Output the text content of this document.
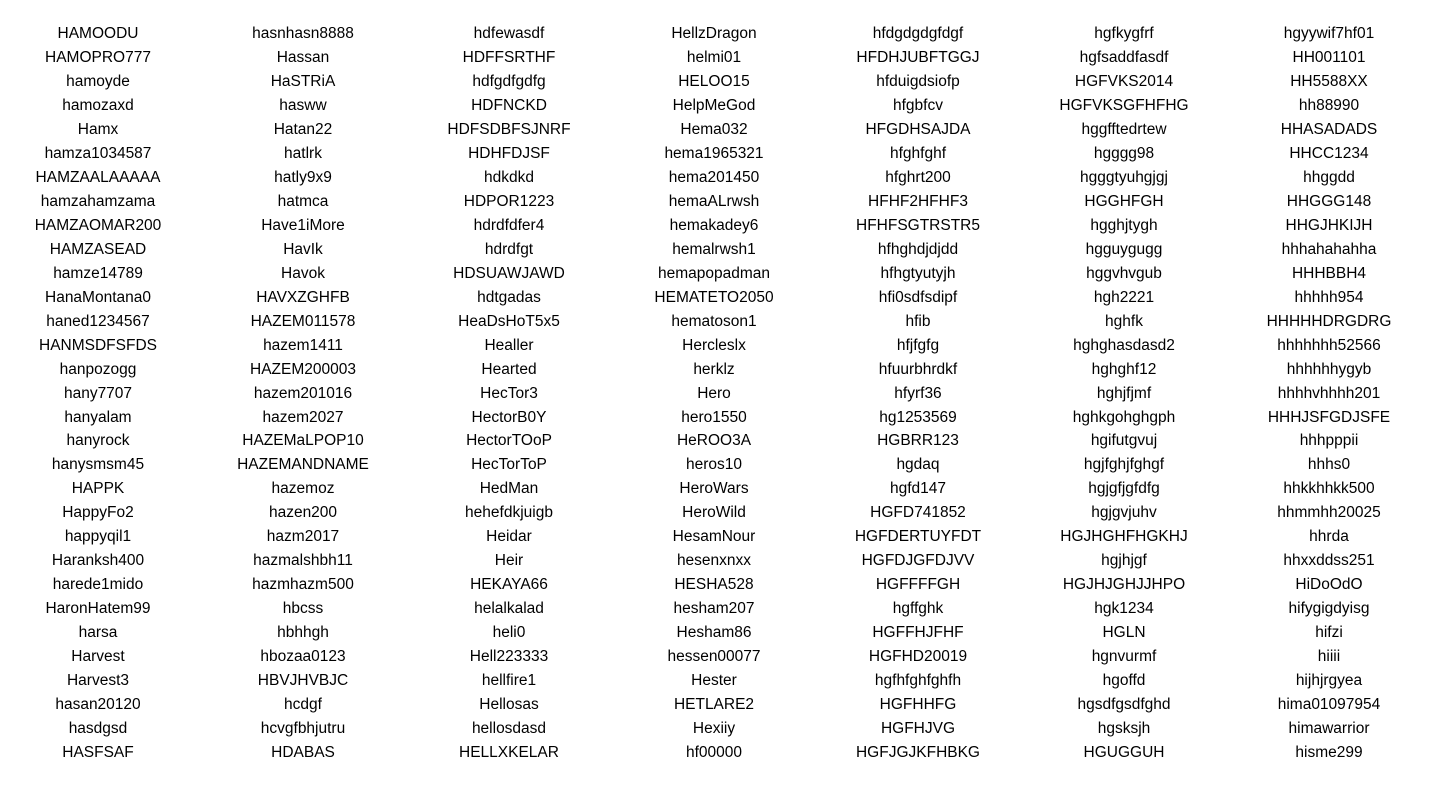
HAMOODU
HAMOPRO777
hamoyde
hamozaxd
Hamx
hamza1034587
HAMZAALAAAAA
hamzahamzama
HAMZAOMAR200
HAMZASEAD
hamze14789
HanaMontana0
haned1234567
HANMSDFSFDS
hanpozogg
hany7707
hanyalam
hanyrock
hanysmsm45
HAPPK
HappyFo2
happyqil1
Haranksh400
harede1mido
HaronHatem99
harsa
Harvest
Harvest3
hasan20120
hasdgsd
HASFSAF
hasnhasn8888
Hassan
HaSTRiA
hasww
Hatan22
hatlrk
hatly9x9
hatmca
Have1iMore
HavIk
Havok
HAVXZGHFB
HAZEM011578
hazem1411
HAZEM200003
hazem201016
hazem2027
HAZEMaLPOP10
HAZEMANDNAME
hazemoz
hazen200
hazm2017
hazmalshbh11
hazmhazm500
hbcss
hbhhgh
hbozaa0123
HBVJHVBJC
hcdgf
hcvgfbhjutru
HDABAS
hdfewasdf
HDFFSRTHF
hdfgdfgdfg
HDFNCKD
HDFSDBFSJNRF
HDHFDJSF
hdkdkd
HDPOR1223
hdrdfdfer4
hdrdfgt
HDSUAWJAWD
hdtgadas
HeaDsHoT5x5
Healler
Hearted
HecTor3
HectorB0Y
HectorTOoP
HecTorToP
HedMan
hehefdkjuigb
Heidar
Heir
HEKAYA66
helalkalad
heli0
Hell223333
hellfire1
Hellosas
hellosdasd
HELLXKELAR
HellzDragon
helmi01
HELOO15
HelpMeGod
Hema032
hema1965321
hema201450
hemaALrwsh
hemakadey6
hemalrwsh1
hemapopadman
HEMATETO2050
hematoson1
Hercleslx
herklz
Hero
hero1550
HeROO3A
heros10
HeroWars
HeroWild
HesamNour
hesenxnxx
HESHA528
hesham207
Hesham86
hessen00077
Hester
HETLARE2
Hexiiy
hf00000
hfdgdgdgfdgf
HFDHJUBFTGGJ
hfduigdsiofp
hfgbfcv
HFGDHSAJDA
hfghfghf
hfghrt200
HFHF2HFHF3
HFHFSGTRSTR5
hfhghdjdjdd
hfhgtyutyjh
hfi0sdfsdipf
hfib
hfjfgfg
hfuurbhrdkf
hfyrf36
hg1253569
HGBRR123
hgdaq
hgfd147
HGFD741852
HGFDERTUYFDT
HGFDJGFDJVV
HGFFFFGH
hgffghk
HGFFHJFHF
HGFHD20019
hgfhfghfghfh
HGFHHFG
HGFHJVG
HGFJGJKFHBKG
hgfkygfrf
hgfsaddfasdf
HGFVKS2014
HGFVKSGFHFHG
hggfftedrtew
hgggg98
hgggtyuhgjgj
HGGHFGH
hgghjtygh
hgguygugg
hggvhvgub
hgh2221
hghfk
hghghasdasd2
hghghf12
hghjfjmf
hghkgohghgph
hgifutgvuj
hgjfghjfghgf
hgjgfjgfdfg
hgjgvjuhv
HGJHGHFHGKHJ
hgjhjgf
HGJHJGHJJHPO
hgk1234
HGLN
hgnvurmf
hgoffd
hgsdfgsdfghd
hgsksjh
HGUGGUH
hgyywif7hf01
HH001101
HH5588XX
hh88990
HHASADADS
HHCC1234
hhggdd
HHGGG148
HHGJHKIJH
hhhahahahha
HHHBBH4
hhhhh954
HHHHHDRGDRG
hhhhhhh52566
hhhhhhygyb
hhhhvhhhh201
HHHJSFGDJSFE
hhhpppii
hhhs0
hhkkhhkk500
hhmmhh20025
hhrda
hhxxddss251
HiDoOdO
hifygigdyisg
hifzi
hiiii
hijhjrgyea
hima01097954
himawarrior
hisme299
